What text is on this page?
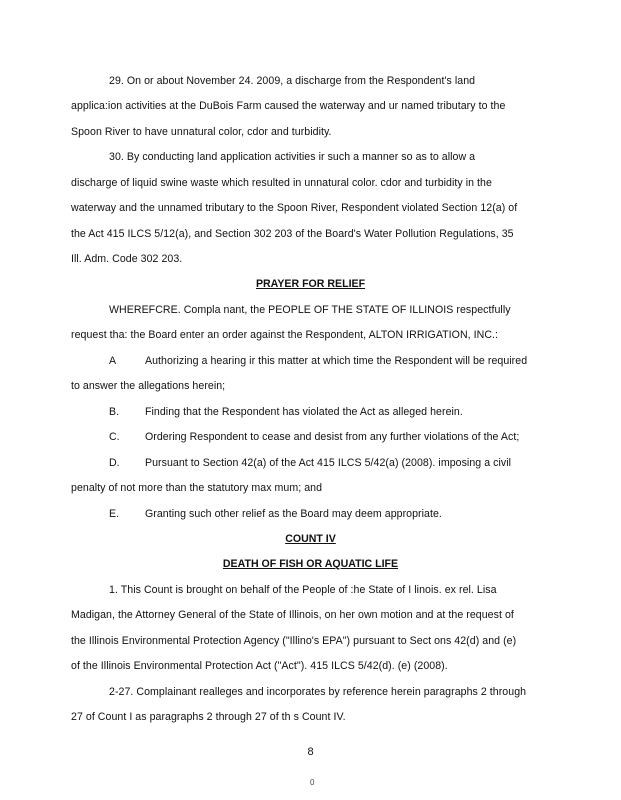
29. On or about November 24. 2009, a discharge from the Respondent's land
applica:ion activities at the DuBois Farm caused the waterway and ur named tributary to the
Spoon River to have unnatural color, cdor and turbidity.
30. By conducting land application activities ir such a manner so as to allow a
discharge of liquid swine waste which resulted in unnatural color. cdor and turbidity in the
waterway and the unnamed tributary to the Spoon River, Respondent violated Section 12(a) of
the Act 415 ILCS 5/12(a), and Section 302 203 of the Board's Water Pollution Regulations, 35
Ill. Adm. Code 302 203.
PRAYER FOR RELIEF
WHEREFCRE. Compla nant, the PEOPLE OF THE STATE OF ILLINOIS respectfully
request tha: the Board enter an order against the Respondent, ALTON IRRIGATION, INC.:
A	Authorizing a hearing ir this matter at which time the Respondent will be required
to answer the allegations herein;
B. Finding that the Respondent has violated the Act as alleged herein.
C. Ordering Respondent to cease and desist from any further violations of the Act;
D. Pursuant to Section 42(a) of the Act 415 ILCS 5/42(a) (2008). imposing a civil
penalty of not more than the statutory max mum; and
E. Granting such other relief as the Board may deem appropriate.
COUNT IV
DEATH OF FISH OR AQUATIC LIFE
1. This Count is brought on behalf of the People of :he State of I linois. ex rel. Lisa
Madigan, the Attorney General of the State of Illinois, on her own motion and at the request of
the Illinois Environmental Protection Agency ("Illino's EPA") pursuant to Sect ons 42(d) and (e)
of the Illinois Environmental Protection Act ("Act"). 415 ILCS 5/42(d). (e) (2008).
2-27. Complainant realleges and incorporates by reference herein paragraphs 2 through
27 of Count I as paragraphs 2 through 27 of th s Count IV.
8
0
